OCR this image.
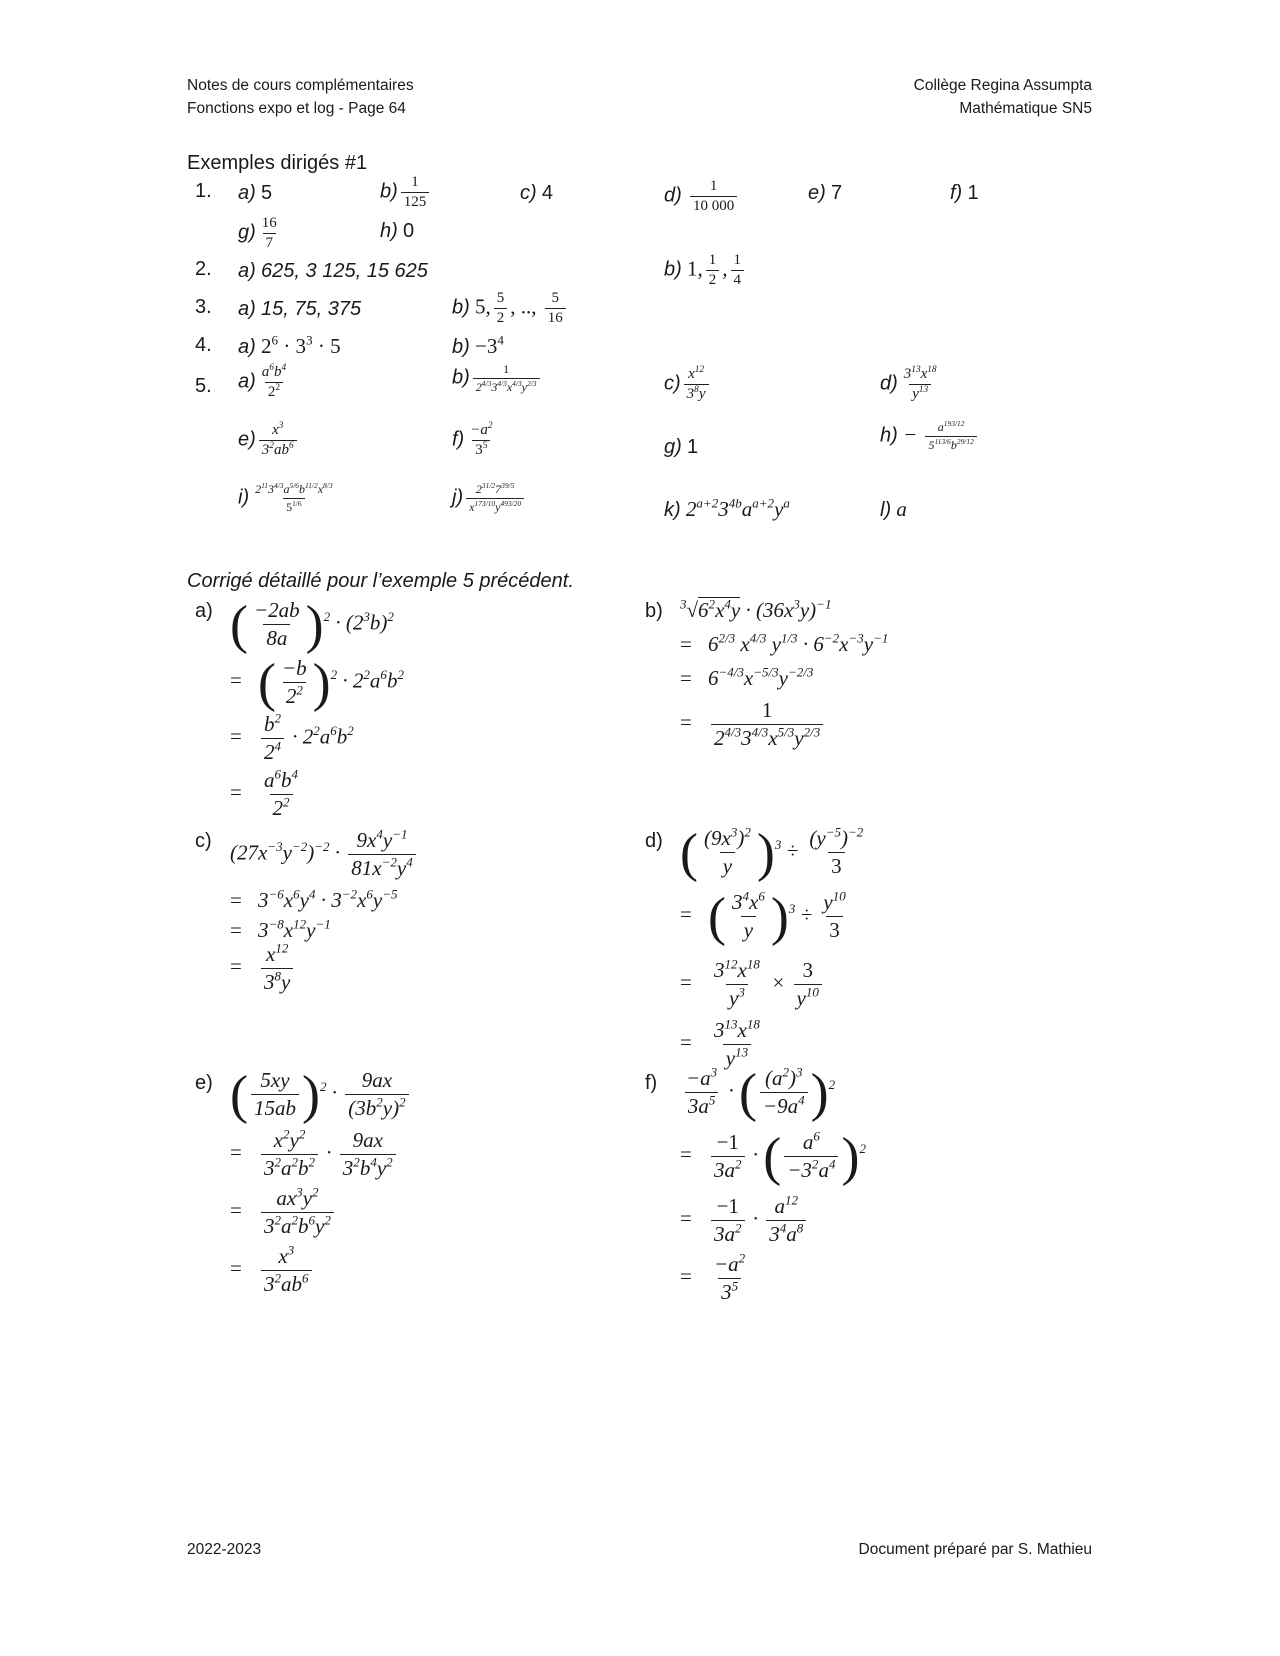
Notes de cours complémentaires
Fonctions expo et log - Page 64
Collège Regina Assumpta
Mathématique SN5
Exemples dirigés #1
1. a) 5	$b) \frac{1}{125}$	c) 4	$d) \frac{1}{10 000}$	e) 7	f) 1
$g) \frac{16}{7}$	h) 0
2. a) 625, 3 125, 15 625	b) 1, $\frac{1}{2}$ , $\frac{1}{4}$
3. a) 15, 75, 375	b) 5, $\frac{5}{2}$ , .., $\frac{5}{16}$
4. a) $2^6 \cdot 3^3 \cdot 5$	$b) -3^4$
5. $a) \frac{a^6b^4}{2^2}$	$b) \frac{1}{2^{4/3}3^{4/3}x^{4/3}y^{2/3}}$	$c) \frac{x^{12}}{3^8y}$	$d) \frac{3^{13}x^{18}}{y^{13}}$
$e) \frac{x^3}{3^2ab^6}$	$f) \frac{-a^2}{3^5}$	g) 1
$h) - \frac{a^{193/12}}{5^{113/6}b^{29/12}}$
$i) \frac{2^{11}3^{4/3}a^{5/6}b^{11/2}x^{8/3}}{5^{1/6}}$	$j) \frac{2^{31/2}7^{39/5}}{x^{173/10}y^{493/20}}$	k) $2^{a+2}3^{4b}a^{a+2}y^a$	l) a
Corrigé détaillé pour l’exemple 5 précédent.
a) ( $\frac{-2ab}{8a} )^2 \cdot (2^3b)^2$
= ( $\frac{-b}{2^2} )^2 \cdot 2^2a^6b^2$
= $\frac{b^2}{2^4} \cdot 2^2a^6b^2$
= $\frac{a^6b^4}{2^2}$
b) $^3√6^2x^4y \cdot (36x^3y)^{-1}$
= $6^{2/3}$ $x^{4/3}$ $y^{1/3} \cdot 6^{-2}x^{-3}y^{-1}$
= $6^{-4/3}x^{-5/3}y^{-2/3}$
= $\frac{1}{2^{4/3}3^{4/3}x^{5/3}y^{2/3}}$
c) $(27x^{-3}y^{-2})^{-2} \cdot \frac{9x^4y^{-1}}{81x^{-2}y^4}$
= $3^{-6}x^6y^4 \cdot 3^{-2}x^6y^{-5}$
= $3^{-8}x^{12}y^{-1}$
= $\frac{x^{12}}{3^8y}$
d) ( $\frac{(9x^3)^2}{y} )^3 \div \frac{(y^{-5})^{-2}}{3}$
= ( $\frac{3^4x^6}{y} )^3 \div \frac{y^{10}}{3}$
= $\frac{3^{12}x^{18}}{y^3} \times \frac{3}{y^{10}}$
= $\frac{3^{13}x^{18}}{y^{13}}$
e) ( $\frac{5xy}{15ab} )^2 \cdot \frac{9ax}{(3b^2y)^2}$
= $\frac{x^2y^2}{3^2a^2b^2} \cdot \frac{9ax}{3^2b^4y^2}$
= $\frac{ax^3y^2}{3^2a^2b^6y^2}$
= $\frac{x^3}{3^2ab^6}$
$f) \frac{-a^3}{3a^5}$ · ( $\frac{(a^2)^3}{-9a^4} )^2$
= $\frac{-1}{3a^2}$ · ( $\frac{a^6}{-3^2a^4} )^2$
= $\frac{-1}{3a^2} \cdot \frac{a^{12}}{3^4a^8}$
= $\frac{-a^2}{3^5}$
2022-2023	Document préparé par S. Mathieu
